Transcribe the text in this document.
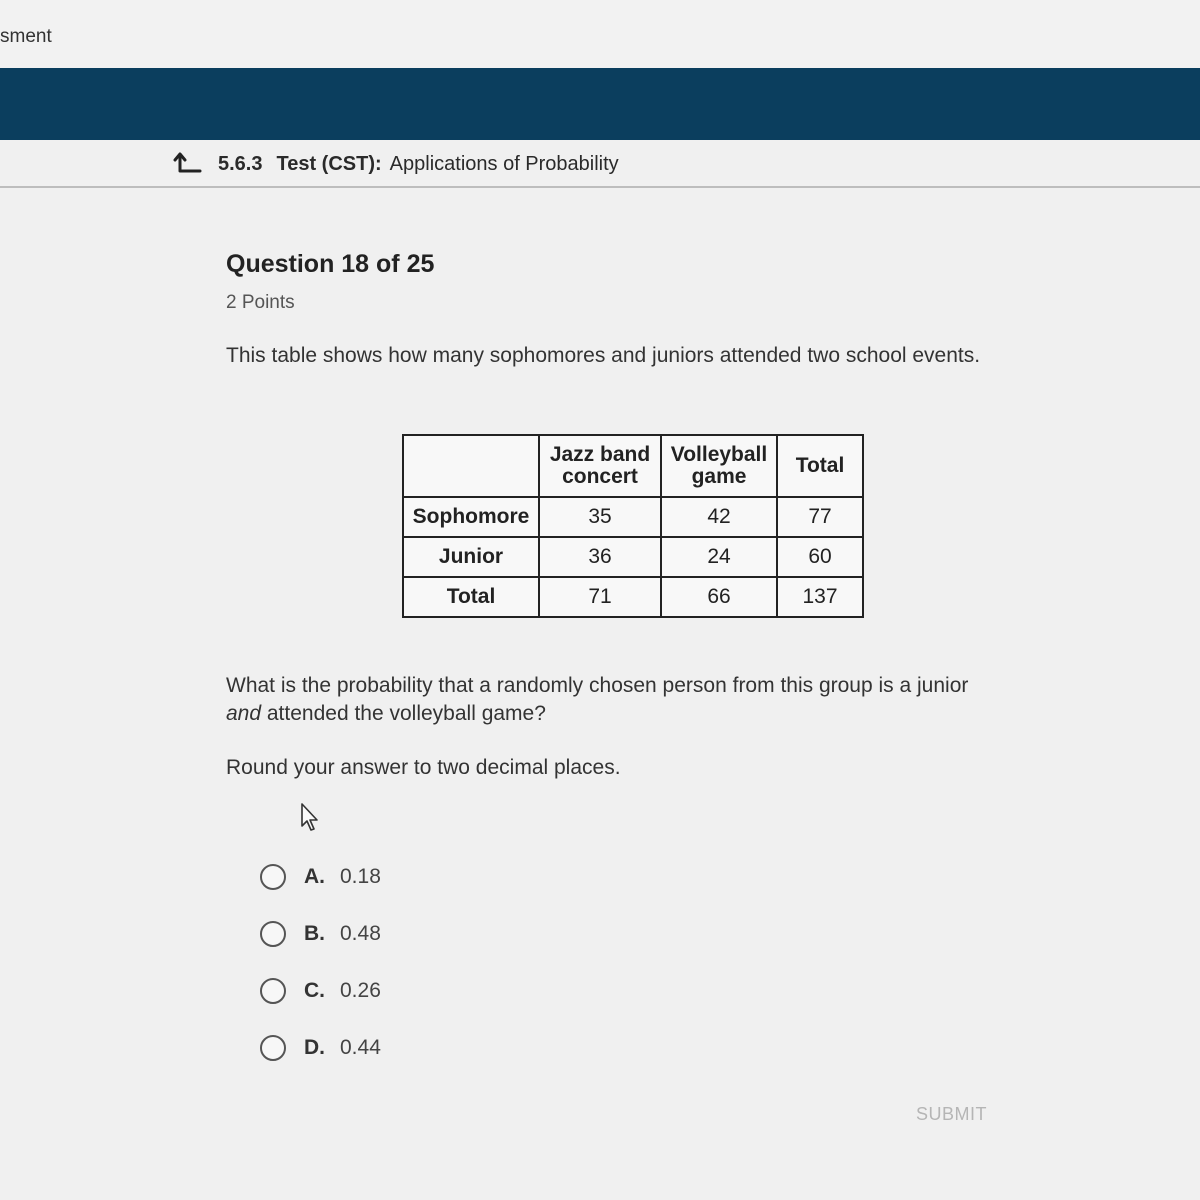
sment
5.6.3 Test (CST): Applications of Probability
Question 18 of 25
2 Points
This table shows how many sophomores and juniors attended two school events.
	Jazz band concert	Volleyball game	Total
Sophomore	35	42	77
Junior	36	24	60
Total	71	66	137
What is the probability that a randomly chosen person from this group is a junior and attended the volleyball game?
Round your answer to two decimal places.
A. 0.18
B. 0.48
C. 0.26
D. 0.44
SUBMIT
